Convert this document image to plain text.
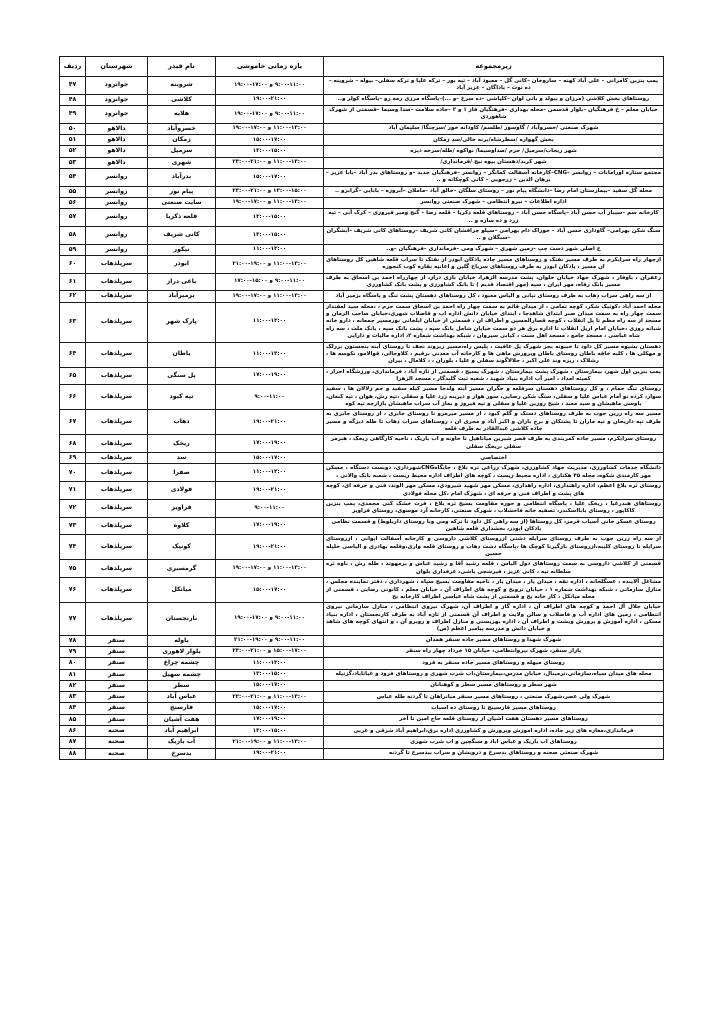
زیرمجموعه	بازه زمانی خاموشی	نام فیدر	شهرستان	ردیف
پمپ بنزین کامرانی – علی آباد کهنه – ساروخان –کانی گل – معبود آباد – تپه بور – ترکه علیا و ترکه سفلی– بیوله – شروینه – ده توت – باداگان – عزیز آباد	۹:۰۰-۱۱:۰۰ و ۱۷:۰۰-۱۹:۰۰	شروینه	جوانرود	۴۷
روستاهای بخش کلاشی (مرزان و بیولد و بانی لوان –کلیاشی –ده سرخ –و ...)–پاسگاه مرزی رمه رو –پاسگاه کولر و..	۱۹:۰۰-۲۱:۰۰	کلاشی	جوانرود	۴۸
خیابان معلم – خ فرهنگیان –بلوار قدسمن –محله بهداری –فرهنگیان فاز ۱ و ۲ –جاده سلامت –صدا وسیما –قسمتی از شهرک شاهوردی	۹:۰۰-۱۱:۰۰ و ۱۷:۰۰-۱۹:۰۰	هلایه	جوانرود	۴۹
شهرک صنعتی /خسروآباد / گاوسور /طلسم/ کاودانه خور /سرچنگا/ سلیمان آباد	۱۱:۰۰-۱۳:۰۰ و ۱۷:۰۰-۱۹:۰۰	خسروآباد	دالاهو	۵۰
بخش گهواره /سطرشاه/برنه خالی/سد زمکان	۱۵:۰۰-۱۷:۰۰	زمکان	دالاهو	۵۱
شهر ریجاب/سرمیل/ حرم /صداوسیما/ نواکوه /طله/سرخه دیزه	۱۳:۰۰-۱۵:۰۰	سرمیل	دالاهو	۵۲
شهر کرند/دهستان بیوه نیج /فرمانداری/	۱۱:۰۰-۱۳:۰۰ و ۲۱:۰۰-۲۳:۰۰	شهری	دالاهو	۵۳
مجتمع ستاره اورامانات – روانسر –CNG–کارخانه آسفالت کمانگر – روانسر –فرهنگیان جدید –و روستاهای بدر آباد –بابا عزیز – برهان الدین – زرجویی – کانی کوچکانه و ..	۱۵:۰۰-۱۷:۰۰	بدرآباد	روانسر	۵۴
محله گل سفید –بیمارستان امام رضا –دانشگاه پیام نور – روستای سلگان –خالق آباد –ماملان –آبروزه – بابایی –گرابرو ..	۱۳:۰۰-۱۵:۰۰ و ۲۱:۰۰-۲۳:۰۰	پیام نور	روانسر	۵۵
اداره اطلاعات – نیرو انتظامی – شهرک صنعتی روانسر	۱۱:۰۰-۱۳:۰۰ و ۱۷:۰۰-۱۹:۰۰	سایت صنعتی	روانسر	۵۶
کارخانه سم –سیباز آب حسن آباد –پاسگاه حسن آباد – روستاهای قلعه ذکریا – قلعه رضا – گنج ومیر فیروزی – کرک آبی – تپه زرد و ده سازه و ..	۱۳:۰۰-۱۵:۰۰	قلعه ذکریا	روانسر	۵۷
سنگ شکن بهرامی– گاوداری حسن آباد – خوراک دام بهرامی –سیلو جرافشان کانی شریف –روستاهای کانی شریف –آبشگران –سنگلان و ..	۱۳:۰۰-۱۵:۰۰	کانی شریف	روانسر	۵۸
خ اصلی شهر دست چپ –زمین شهری – شهرک ومی –فرمانداری –فرهنگیان –و..	۱۱:۰۰-۱۳:۰۰	نیکور	روانسر	۵۹
ازچهار راه سرایکرم به طرف مسیر نفتک و روستاهای مسیر جاده یادکان ابوذر از نفتک تا سراب قلعه شاهین کل روستاهای ان مسیر ، یادکان ابوذر به طرف روستاهای سرباخ گلین و اعانیه نقاره کوب کنجوره	۱۱:۰۰-۱۳:۰۰ و ۱۹:۰۰-۲۱:۰۰	ابوذر	سرپلذهاب	۶۰
زعفران ، باوفار ، شهرک جهاد خیابان حلوان، پشت مدرسه الزهرا، خیابان بازی دراز، از چهارراه احمد بن اسحاق به طرف مسیر بانک رفاه، مهر ایران ، سپه (مهر اقتصاد قدیم ) تا بانک کشاورزی و پشت بانک کشاورزی	۹:۰۰-۱۱:۰۰ و ۱۵:۰۰-۱۷:۰۰	باغی دراز	سرپلذهاب	۶۱
از سه راهی سراب ذهاب به طرف روستای تپانی و الیاس معبود ، کل روستاهای دهستان پشت تنگ و پاسگاه بزمیر آباد	۱۱:۰۰-۱۳:۰۰ و ۱۷:۰۰-۱۹:۰۰	بزمیرآباد	سرپلذهاب	۶۲
محله احمد آباد ،کوثیک شکر، کوچه تمامی ، از میدان قائم به سمت چهار راه احمد بن اسحاق سمت حرم ، ،محله سید لعفنداز سمت چهار راه به سمت میدان صبر ابتدای شاهدجا ، ابتدای خیابان دانش اداره اب و قاضلاب شهری،خیابان صاحب الزمان و مسجد از سه راه مظم تا پل انقلاب ، کوچه قصارالحسین و اطراف ان ، قسمتی از خیابان ایلخانی بورمسیر جمعانه ، دارو خانه شبانه روزی ،خیابان امام ازیل انقلاب تا اداره برق هر دو سمت خیابان شامل بانک سپه ، پشت بانک سپه ، بانک ملت ، سه راه شاه عباسی ، مسجد جامع ، مسجد اهل سنت ، کیابی سیروان ، شبکه بهداشت شماره ۲، اداره مالیات و دارایی	۱۱:۰۰-۱۳:۰۰	پارک شهر	سرپلذهاب	۶۳
دهستان بشیوه مسیر کل داود تا خیبونه بجز شهرک پل عافیت ، پلیس راه،مسیر ریزوند نجف تا روستای آینه بنجستون برزلک و مهکلی ها ، کلبه خاقه باطان روستای باطان وپرورش ماهی ها و کارخانه آب معدنی برقیم ، کلاوجالی، قوالامو، نکوسه ها ، رشلاک ، ریزه وند علی اکبر ، جلالاگوند سفلی و علیا ، بلوران ، ، کلامال ، بیران	۱۱:۰۰-۱۳:۰۰	باطان	سرپلذهاب	۶۴
پمپ بنزین اول شهر، بیمارستان ، شهرک پشت بیمارستان ، شهرک بسیج ، قسمتی از تازه آباد ، فرمانداری، ورزشگاه احرار ، کمیته امداد ، امیر آب اداره بنیاد شهید ، شعبه ثبت گلندگار ، مسجد الزهرا	۱۷:۰۰-۱۹:۰۰	پل سنگی	سرپلذهاب	۶۵
روستای تنگ حمام ، و کل روستاهای دهستان سرفلعه و جگران مسیر آبته ولدجا مسیر کیله سفید و جم زلالان ها ، سفید سوار، کرده نو آمام عباس علیا و سفلی، سنگ شکن رضایی، سور هوار و دیرینه زرد علیا و سفلی ،تپه رش، هوان ، تپه کنعان، باوسی ماهیشان و سید معبد ، شیخ روزین علیا و سفلی و تپه فیروز و بماز آب سراب ماهیشان بازارجه تپه کوه	۹:۰۰-۱۱:۰۰	تپه کبود	سرپلذهاب	۶۶
مسیر سه راه زرین جوب به طرف روستاهای دستک و گلم کبود ، از مسیر میرمرو تا روستای جابری ، از روستای جابری به طرف تپه داریخان و تپه ماران تا پشتکان و برج باران و اکبر آباد و مجری ان ، روستاهای سراب ذهاب تا طله دیزگه و مسیر جاده کلاشی عبدالقادر به طرف قلعه	۱۹:۰۰-۲۱:۰۰	ذهاب	سرپلذهاب	۶۷
روستای سرایکرم، مسیر جاده کمربندی به طرف قصر شیرین میاناهیل تا خاونه و اب باریک ، ناحیه کارگاهی ریخک ، هنرمر سفلی ،ریخک سفلی	۱۷:۰۰-۱۹:۰۰	ریخک	سرپلذهاب	۶۸
اختصاصی	۱۵:۰۰-۱۷:۰۰	سد	سرپلذهاب	۶۹
دانشگاه خدمات کشاورزی، مدیریت جهاد کشاورزی، شهرک زراعی ثره بلاغ ، جایگاهCNGشهرداری، دوبست دستگاه ، مسکن مهر کارمندی شکوه، محله ۴۵ هکتاری ، اداره محیط زیست ، کوچه های اطراف اداره محیط زیست ، شعبه بانک والانی ،	۱۱:۰۰-۱۳:۰۰	صفرا	سرپلذهاب	۷۰
روستای ثره بلاغ اعظم، اداره راهنداری، اداره راهداری، مسکن مهر شهید شیرودی، مسکن مهر الوند، فنی و حرفه ای، کوچه های پشت و اطراف فنی و حرفه ای ، شهرک امام ،کل محله فولادی	۱۹:۰۰-۲۱:۰۰	فولادی	سرپلذهاب	۷۱
روستاهای هندرغیا ، ریخک علیا ، پاسگاه انتظامی و حوزه مقاومت بسیج ثره بلاغ ، فرت خشک کنی محمدی، پمپ بنزین کاکاپور ، روستای بابااسکندر، تصفیه خانه فاخشلاب ، شهرک صنعتی، کارخانه آرد موسوی، روستای فراویز	۹:۰۰-۱۱:۰۰	فراویز	سرپلذهاب	۷۲
روستای عسکر خانی آسیاب قرمز، کل روستاها (از سه راهی کل داود تا ترکه ومی ونا روستای داربلوط) و قسمت نظامی یادکان ابوذر، بخشداری قلعه شاهین	۱۷:۰۰-۱۹:۰۰	کلاوه	سرپلذهاب	۷۳
از سه راه زرین جوب به طرف روستای سرایله دشتی ازروستای کلاشی داروسی و کارخانه آسفالت ایوانی ، ازروستای سرایله تا روستای کلینه،ازروستای بازگیرنا کوچک ها ،پاسگاه دشت ذهاب و روستای قلعه واری،وقلعه بهادری و الیاسی خلیله حسین	۱۹:۰۰-۲۱:۰۰	کونیک	سرپلذهاب	۷۴
قسمتی از کلاشی داروسی به سمت روستاهای دول الیاس ، قلعه رشید آقا و رشید عباس و برمهوند ، طله رش ، ناوه ثره سلطانه تپه ، کانی عزیز ، فیرشجی باشی، عرفداری بلوان	۱۱:۰۰-۱۳:۰۰ و ۱۷:۰۰-۱۹:۰۰	گرمسیری	سرپلذهاب	۷۵
مشاغل آلاینده ، عسگلخانه ، اداره نقه ، میدان یار ، میدان یار ، ناحیه مقاومت بسیج سپاه ، شهرداری ، دفتر نماینده مجلس ، منازل سازمانی ، شبکه بهداشت شماره ۱ ، خیابان تروبح و کوچه های اطراف آن ، خیابان معلم ، کانونی رضایی ، قسمتی از محله میانکل ، کار خانه یخ و قسمتی از پشت شاه عباسی اطراف کارخانه یخ	۱۵:۰۰-۱۷:۰۰	میانکل	سرپلذهاب	۷۶
خیابان جلال آل احمد و کوچه های اطراف آن ، اداره گاز و اطراف آن، شهرک نیروی انتظامی ، منازل سازمانی نیروی انتظامی ، زمین های اداره آب و فاضلاب و سالن ولایت و اطراف آن قسمتی از تازه آباد به طرف کارنجستان ، اداره بنیاد مسکن ، اداره آموزش و پرورش ویشت و اطراف آن ، اداره بهزیستی و منازل اطراف و روبرو آن ، و انتهای کوچه های شاهد و خیابان دانش و مدرسه پیامبر اعظم (ص)	۹:۰۰-۱۱:۰۰ و ۱۷:۰۰-۱۹:۰۰	نارنجستان	سرپلذهاب	۷۷
شهرک شهدا و روستاهای مسیر جاده سنقر همدان	۹:۰۰-۱۱:۰۰ و ۱۹:۰۰-۲۱:۰۰	باوله	سنقر	۷۸
بازار سنقر، شهرک نیروانتظامی، خیابان ۱۵ خرداد چهار راه سنقر	۱۵:۰۰-۱۷:۰۰ و ۲۱:۰۰-۲۳:۰۰	بلوار لاهوری	سنقر	۷۹
روستای میهله و روستاهای مسیر جاده سنقر به فرود	۱۱:۰۰-۱۳:۰۰	چشمه چراغ	سنقر	۸۰
محله های میدان سپاه،سازمانی،ترمینال، خیابان مدرس،بیمارستان،اب شرب شهری و روستاهای فرود و غیاثاباد،گزنیله	۱۳:۰۰-۱۵:۰۰	چشمه سهیل	سنقر	۸۱
شهر سطر و روستاهای مسیر سطر و کوهنانان	۱۵:۰۰-۱۷:۰۰	سطر	سنقر	۸۲
شهرک ولی عصر،شهرک صنعتی ، روستاهای مسیر سنقر میانراهان تا گردنه طله عباس	۱۱:۰۰-۱۳:۰۰ و ۲۱:۰۰-۲۳:۰۰	عباس آباد	سنقر	۸۳
روستاهای مسیر فارسینج تا روستای ده اسیاب	۱۵:۰۰-۱۷:۰۰	فارسنج	سنقر	۸۴
روستاهای مسیر دهستان هفت اشیان از روستای قلعه حاج امین تا آخر	۱۷:۰۰-۱۹:۰۰	هفت آشیان	سنقر	۸۵
فرمانداری،مغازه های زیر جاده، اداره اموزش وپرورش و کشاورزی اداره برق،ابراهیم آباد شرقی و غربی	۱۳:۰۰-۱۵:۰۰	ابراهیم آباد	صحنه	۸۶
روستاهای اب باریک و عباس اباد و سنگچین و اب شرب شهری	۱۱:۰۰-۱۳:۰۰ و ۱۹:۰۰-۲۱:۰۰	آب باریک	صحنه	۸۷
شهرک صنعتی صحنه و روستاهای بدسرخ و درویشان و سراب بیدسرخ تا گردنه	۱۹:۰۰-۲۱:۰۰	بدسرخ	صحنه	۸۸
